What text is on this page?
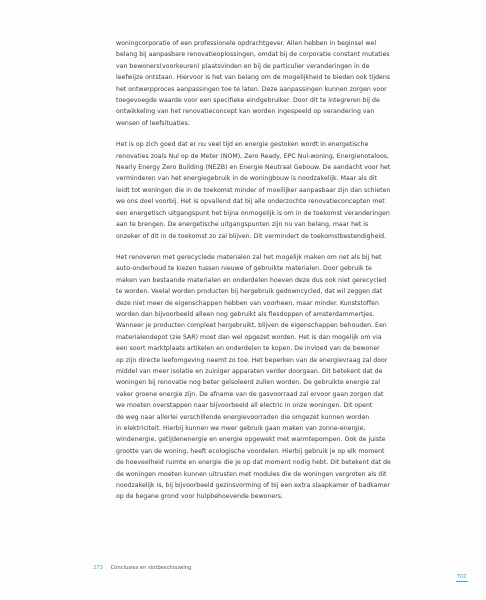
woningcorporatie of een professionele opdrachtgever. Allen hebben in beginsel wel
belang bij aanpasbare renovatieoplossingen, omdat bij de corporatie constant mutaties
van bewoners(voorkeuren) plaatsvinden en bij de particulier veranderingen in de
leefwijze ontstaan. Hiervoor is het van belang om de mogelijkheid te bieden ook tijdens
het ontwerpproces aanpassingen toe te laten. Deze aanpassingen kunnen zorgen voor
toegevoegde waarde voor een specifieke eindgebruiker. Door dit te integreren bij de
ontwikkeling van het renovatieconcept kan worden ingespeeld op verandering van
wensen of leefsituaties.

Het is op zich goed dat er nu veel tijd en energie gestoken wordt in energetische
renovaties zoals Nul op de Meter (NOM), Zero Ready, EPC Nul-woning, Energienotaloos,
Nearly Energy Zero Building (NEZB) en Energie Neutraal Gebouw. De aandacht voor het
verminderen van het energiegebruik in de woningbouw is noodzakelijk. Maar als dit
leidt tot woningen die in de toekomst minder of moeilijker aanpasbaar zijn dan schieten
we ons doel voorbij. Het is opvallend dat bij alle onderzochte renovatieconcepten met
een energetisch uitgangspunt het bijna onmogelijk is om in de toekomst veranderingen
aan te brengen. De energetische uitgangspunten zijn nu van belang, maar het is
onzeker of dit in de toekomst zo zal blijven. Dit vermindert de toekomstbestendigheid.

Het renoveren met gerecyclede materialen zal het mogelijk maken om net als bij het
auto-onderhoud te kiezen tussen nieuwe of gebruikte materialen. Door gebruik te
maken van bestaande materialen en onderdelen hoeven deze dus ook niet gerecycled
te worden. Veelal worden producten bij hergebruik gedowncycled, dat wil zeggen dat
deze niet meer de eigenschappen hebben van voorheen, maar minder. Kunststoffen
worden dan bijvoorbeeld alleen nog gebruikt als flesdoppen of amsterdammertjes.
Wanneer je producten compleet hergebruikt, blijven de eigenschappen behouden. Een
materialendepot (zie SAR) moet dan wel opgezet worden. Het is dan mogelijk om via
een soort marktplaats artikelen en onderdelen te kopen. De invloed van de bewoner
op zijn directe leefomgeving neemt zo toe. Het beperken van de energievraag zal door
middel van meer isolatie en zuiniger apparaten verder doorgaan. Dit betekent dat de
woningen bij renovatie nog beter geïsoleerd zullen worden. De gebruikte energie zal
vaker groene energie zijn. De afname van de gasvoorraad zal ervoor gaan zorgen dat
we moeten overstappen naar bijvoorbeeld all electric in onze woningen. Dit opent
de weg naar allerlei verschillende energievoorraden die omgezet kunnen worden
in elektriciteit. Hierbij kunnen we meer gebruik gaan maken van zonne-energie,
windenergie, getijdenenergie en energie opgewekt met warmtepompen. Ook de juiste
grootte van de woning, heeft ecologische voordelen. Hierbij gebruik je op elk moment
de hoeveelheid ruimte en energie die je op dat moment nodig hebt. Dit betekent dat de
de woningen moeten kunnen uitrusten met modules die de woningen vergroten als dit
noodzakelijk is, bij bijvoorbeeld gezinsvorming of bij een extra slaapkamer of badkamer
op de begane grond voor hulpbehoevende bewoners.

273 Conclusies en slotbeschouwing
TOC
